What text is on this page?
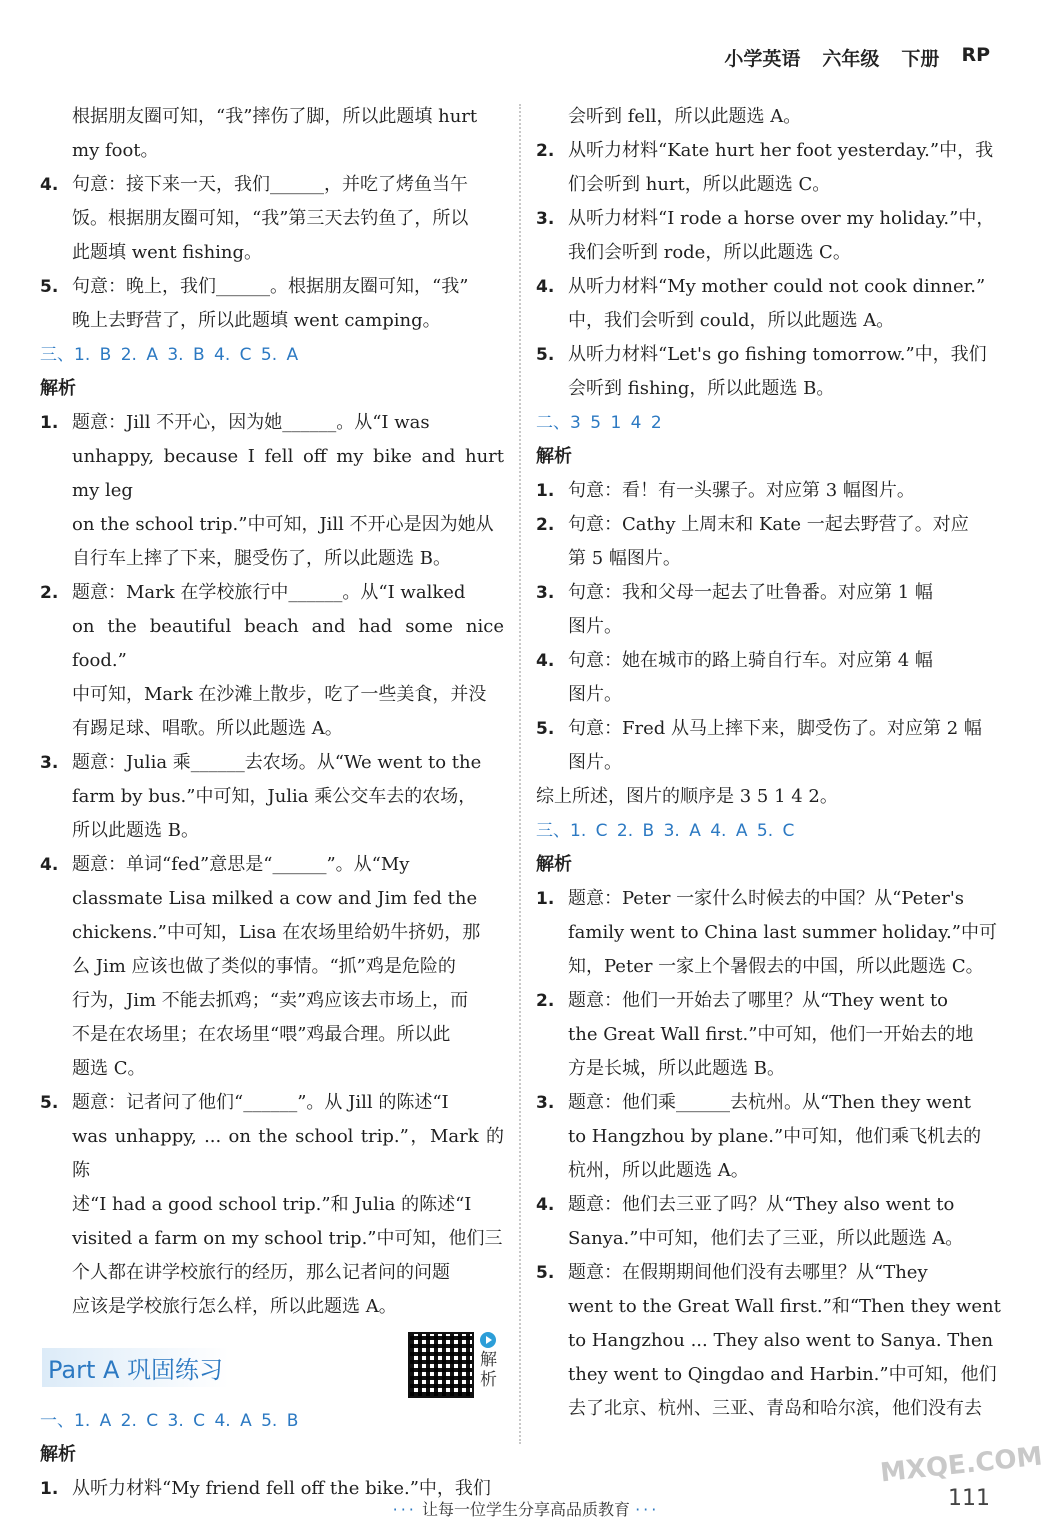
小学英语 六年级 下册 RP
根据朋友圈可知，“我”摔伤了脚，所以此题填 hurt
my foot。
4. 句意：接下来一天，我们______，并吃了烤鱼当午
饭。根据朋友圈可知，“我”第三天去钓鱼了，所以
此题填 went fishing。
5. 句意：晚上，我们______。根据朋友圈可知，“我”
晚上去野营了，所以此题填 went camping。
三、1. B 2. A 3. B 4. C 5. A
解析
1. 题意：Jill 不开心，因为她______。从“I was
unhappy, because I fell off my bike and hurt my leg
on the school trip.”中可知，Jill 不开心是因为她从
自行车上摔了下来，腿受伤了，所以此题选 B。
2. 题意：Mark 在学校旅行中______。从“I walked
on the beautiful beach and had some nice food.”
中可知，Mark 在沙滩上散步，吃了一些美食，并没
有踢足球、唱歌。所以此题选 A。
3. 题意：Julia 乘______去农场。从“We went to the
farm by bus.”中可知，Julia 乘公交车去的农场，
所以此题选 B。
4. 题意：单词“fed”意思是“______”。从“My
classmate Lisa milked a cow and Jim fed the
chickens.”中可知，Lisa 在农场里给奶牛挤奶，那
么 Jim 应该也做了类似的事情。“抓”鸡是危险的
行为，Jim 不能去抓鸡；“卖”鸡应该去市场上，而
不是在农场里；在农场里“喂”鸡最合理。所以此
题选 C。
5. 题意：记者问了他们“______”。从 Jill 的陈述“I
was unhappy, ... on the school trip.”，Mark 的陈
述“I had a good school trip.”和 Julia 的陈述“I
visited a farm on my school trip.”中可知，他们三
个人都在讲学校旅行的经历，那么记者问的问题
应该是学校旅行怎么样，所以此题选 A。
Part A 巩固练习	解析
一、1. A 2. C 3. C 4. A 5. B
解析
1. 从听力材料“My friend fell off the bike.”中，我们
会听到 fell，所以此题选 A。
2. 从听力材料“Kate hurt her foot yesterday.”中，我
们会听到 hurt，所以此题选 C。
3. 从听力材料“I rode a horse over my holiday.”中，
我们会听到 rode，所以此题选 C。
4. 从听力材料“My mother could not cook dinner.”
中，我们会听到 could，所以此题选 A。
5. 从听力材料“Let's go fishing tomorrow.”中，我们
会听到 fishing，所以此题选 B。
二、3 5 1 4 2
解析
1. 句意：看！有一头骡子。对应第 3 幅图片。
2. 句意：Cathy 上周末和 Kate 一起去野营了。对应
第 5 幅图片。
3. 句意：我和父母一起去了吐鲁番。对应第 1 幅
图片。
4. 句意：她在城市的路上骑自行车。对应第 4 幅
图片。
5. 句意：Fred 从马上摔下来，脚受伤了。对应第 2 幅
图片。
综上所述，图片的顺序是 3 5 1 4 2。
三、1. C 2. B 3. A 4. A 5. C
解析
1. 题意：Peter 一家什么时候去的中国？从“Peter's
family went to China last summer holiday.”中可
知，Peter 一家上个暑假去的中国，所以此题选 C。
2. 题意：他们一开始去了哪里？从“They went to
the Great Wall first.”中可知，他们一开始去的地
方是长城，所以此题选 B。
3. 题意：他们乘______去杭州。从“Then they went
to Hangzhou by plane.”中可知，他们乘飞机去的
杭州，所以此题选 A。
4. 题意：他们去三亚了吗？从“They also went to
Sanya.”中可知，他们去了三亚，所以此题选 A。
5. 题意：在假期期间他们没有去哪里？从“They
went to the Great Wall first.”和“Then they went
to Hangzhou ... They also went to Sanya. Then
they went to Qingdao and Harbin.”中可知，他们
去了北京、杭州、三亚、青岛和哈尔滨，他们没有去
MXQE.COM
··· 让每一位学生分享高品质教育 ···	111
